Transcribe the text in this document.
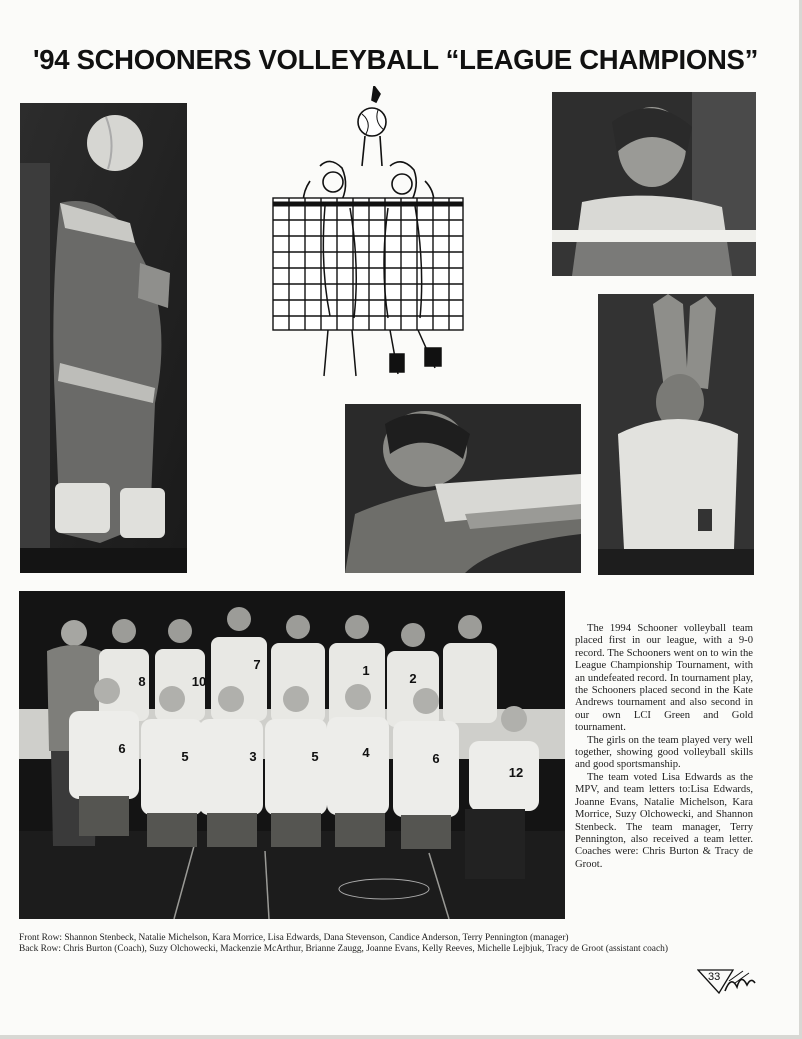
'94 SCHOONERS VOLLEYBALL “LEAGUE CHAMPIONS”
8	10
7	1
2
6
5	3	5	4	6
12

The 1994 Schooner volleyball team placed first in our league, with a 9-0 record. The Schooners went on to win the League Championship Tournament, with an undefeated record. In tournament play, the Schooners placed second in the Kate Andrews tournament and also second in our own LCI Green and Gold tournament.

The girls on the team played very well together, showing good volleyball skills and good sportsmanship.

The team voted Lisa Edwards as the MPV, and team letters to:Lisa Edwards, Joanne Evans, Natalie Michelson, Kara Morrice, Suzy Olchowecki, and Shannon Stenbeck. The team manager, Terry Pennington, also received a team letter. Coaches were: Chris Burton & Tracy de Groot.

Front Row: Shannon Stenbeck, Natalie Michelson, Kara Morrice, Lisa Edwards, Dana Stevenson, Candice Anderson, Terry Pennington (manager)
Back Row: Chris Burton (Coach), Suzy Olchowecki, Mackenzie McArthur, Brianne Zaugg, Joanne Evans, Kelly Reeves, Michelle Lejbjuk, Tracy de Groot (assistant coach)
33
